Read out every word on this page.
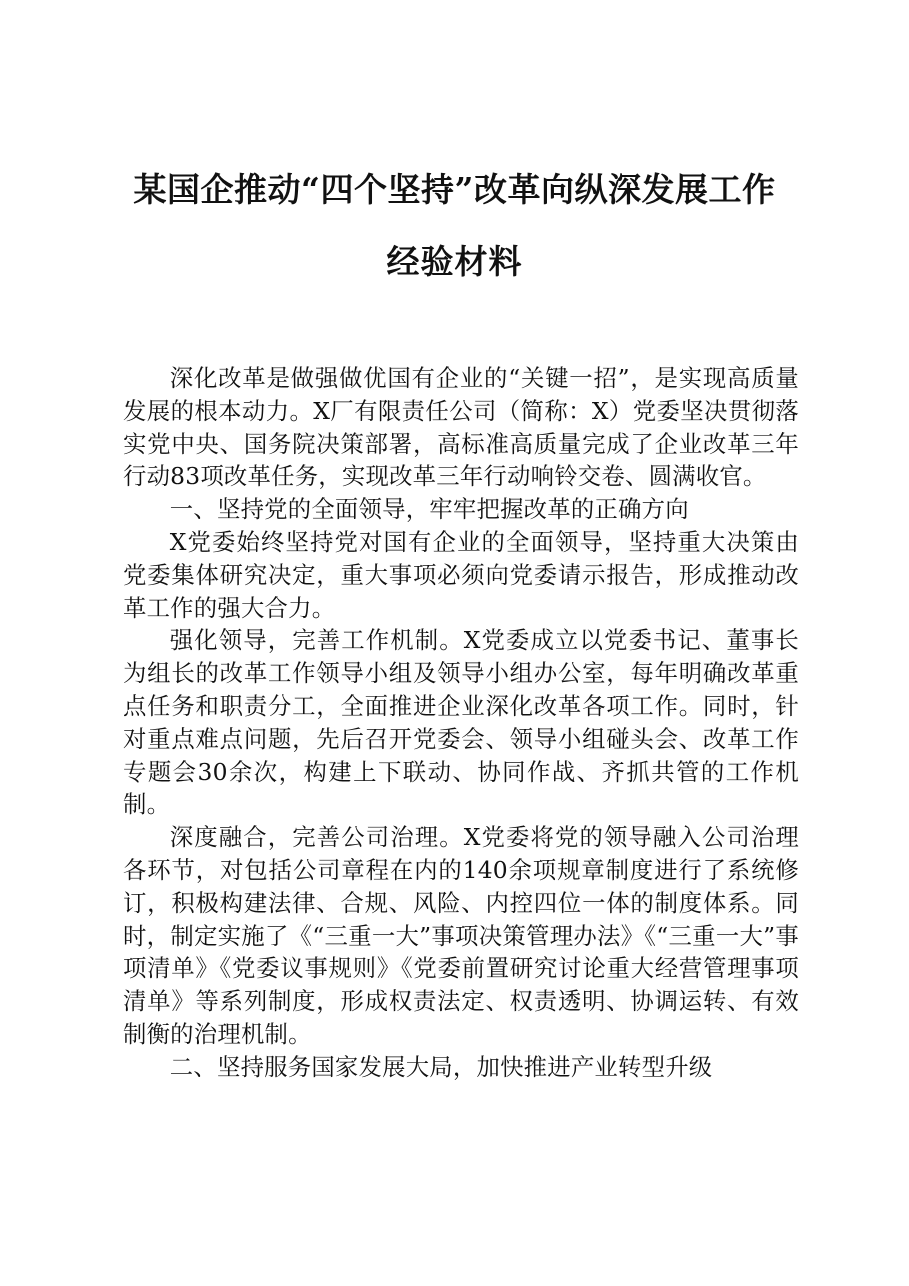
某国企推动“四个坚持”改革向纵深发展工作
经验材料

深化改革是做强做优国有企业的“关键一招”，是实现高质量发展的根本动力。X厂有限责任公司（简称：X）党委坚决贯彻落实党中央、国务院决策部署，高标准高质量完成了企业改革三年行动83项改革任务，实现改革三年行动响铃交卷、圆满收官。

一、坚持党的全面领导，牢牢把握改革的正确方向

X党委始终坚持党对国有企业的全面领导，坚持重大决策由党委集体研究决定，重大事项必须向党委请示报告，形成推动改革工作的强大合力。

强化领导，完善工作机制。X党委成立以党委书记、董事长为组长的改革工作领导小组及领导小组办公室，每年明确改革重点任务和职责分工，全面推进企业深化改革各项工作。同时，针对重点难点问题，先后召开党委会、领导小组碰头会、改革工作专题会30余次，构建上下联动、协同作战、齐抓共管的工作机制。

深度融合，完善公司治理。X党委将党的领导融入公司治理各环节，对包括公司章程在内的140余项规章制度进行了系统修订，积极构建法律、合规、风险、内控四位一体的制度体系。同时，制定实施了《“三重一大”事项决策管理办法》《“三重一大”事项清单》《党委议事规则》《党委前置研究讨论重大经营管理事项清单》等系列制度，形成权责法定、权责透明、协调运转、有效制衡的治理机制。

二、坚持服务国家发展大局，加快推进产业转型升级
